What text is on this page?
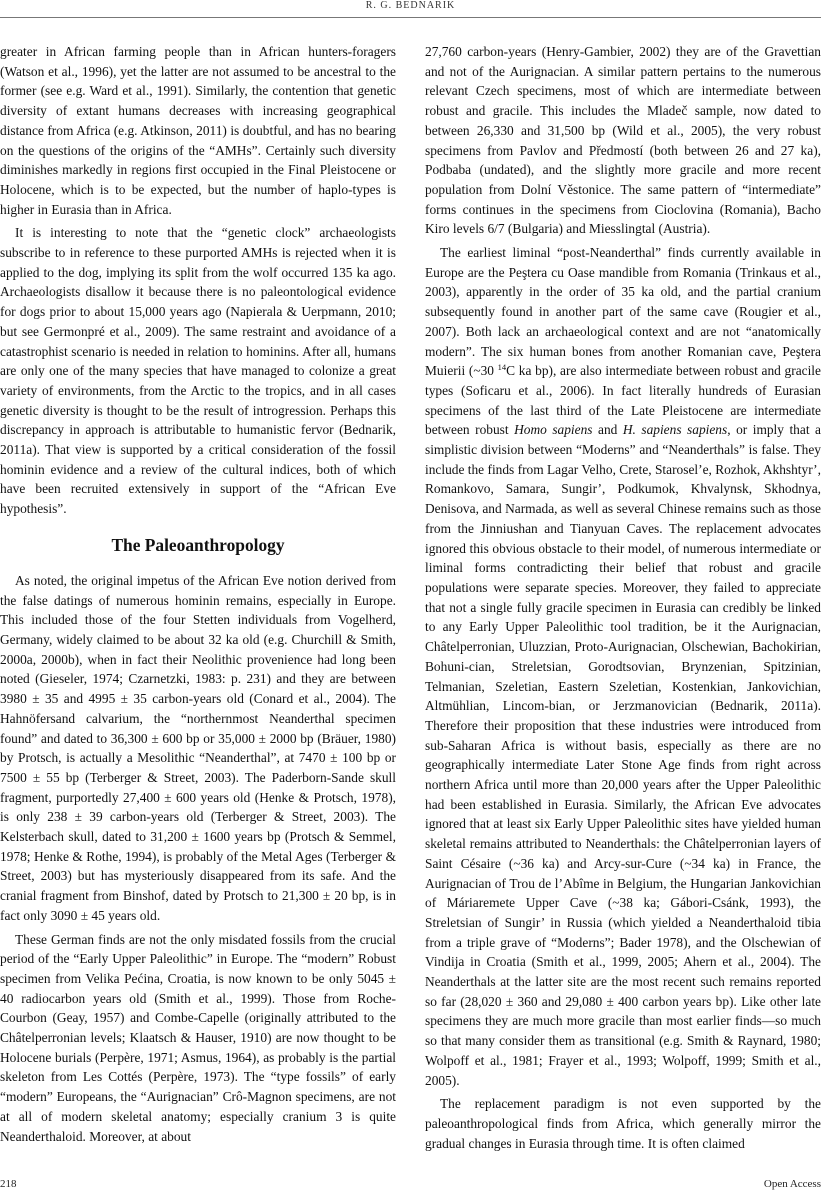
R. G. BEDNARIK

greater in African farming people than in African hunters-foragers (Watson et al., 1996), yet the latter are not assumed to be ancestral to the former (see e.g. Ward et al., 1991). Similarly, the contention that genetic diversity of extant humans decreases with increasing geographical distance from Africa (e.g. Atkinson, 2011) is doubtful, and has no bearing on the questions of the origins of the “AMHs”. Certainly such diversity diminishes markedly in regions first occupied in the Final Pleistocene or Holocene, which is to be expected, but the number of haplo-types is higher in Eurasia than in Africa.

It is interesting to note that the “genetic clock” archaeologists subscribe to in reference to these purported AMHs is rejected when it is applied to the dog, implying its split from the wolf occurred 135 ka ago. Archaeologists disallow it because there is no paleontological evidence for dogs prior to about 15,000 years ago (Napierala & Uerpmann, 2010; but see Germonpré et al., 2009). The same restraint and avoidance of a catastrophist scenario is needed in relation to hominins. After all, humans are only one of the many species that have managed to colonize a great variety of environments, from the Arctic to the tropics, and in all cases genetic diversity is thought to be the result of introgression. Perhaps this discrepancy in approach is attributable to humanistic fervor (Bednarik, 2011a). That view is supported by a critical consideration of the fossil hominin evidence and a review of the cultural indices, both of which have been recruited extensively in support of the “African Eve hypothesis”.

The Paleoanthropology

As noted, the original impetus of the African Eve notion derived from the false datings of numerous hominin remains, especially in Europe. This included those of the four Stetten individuals from Vogelherd, Germany, widely claimed to be about 32 ka old (e.g. Churchill & Smith, 2000a, 2000b), when in fact their Neolithic provenience had long been noted (Gieseler, 1974; Czarnetzki, 1983: p. 231) and they are between 3980 ± 35 and 4995 ± 35 carbon-years old (Conard et al., 2004). The Hahnöfersand calvarium, the “northernmost Neanderthal specimen found” and dated to 36,300 ± 600 bp or 35,000 ± 2000 bp (Bräuer, 1980) by Protsch, is actually a Mesolithic “Neanderthal”, at 7470 ± 100 bp or 7500 ± 55 bp (Terberger & Street, 2003). The Paderborn-Sande skull fragment, purportedly 27,400 ± 600 years old (Henke & Protsch, 1978), is only 238 ± 39 carbon-years old (Terberger & Street, 2003). The Kelsterbach skull, dated to 31,200 ± 1600 years bp (Protsch & Semmel, 1978; Henke & Rothe, 1994), is probably of the Metal Ages (Terberger & Street, 2003) but has mysteriously disappeared from its safe. And the cranial fragment from Binshof, dated by Protsch to 21,300 ± 20 bp, is in fact only 3090 ± 45 years old.

These German finds are not the only misdated fossils from the crucial period of the “Early Upper Paleolithic” in Europe. The “modern” Robust specimen from Velika Pećina, Croatia, is now known to be only 5045 ± 40 radiocarbon years old (Smith et al., 1999). Those from Roche-Courbon (Geay, 1957) and Combe-Capelle (originally attributed to the Châtelperronian levels; Klaatsch & Hauser, 1910) are now thought to be Holocene burials (Perpère, 1971; Asmus, 1964), as probably is the partial skeleton from Les Cottés (Perpère, 1973). The “type fossils” of early “modern” Europeans, the “Aurignacian” Crô-Magnon specimens, are not at all of modern skeletal anatomy; especially cranium 3 is quite Neanderthaloid. Moreover, at about

27,760 carbon-years (Henry-Gambier, 2002) they are of the Gravettian and not of the Aurignacian. A similar pattern pertains to the numerous relevant Czech specimens, most of which are intermediate between robust and gracile. This includes the Mladeč sample, now dated to between 26,330 and 31,500 bp (Wild et al., 2005), the very robust specimens from Pavlov and Předmostí (both between 26 and 27 ka), Podbaba (undated), and the slightly more gracile and more recent population from Dolní Věstonice. The same pattern of “intermediate” forms continues in the specimens from Cioclovina (Romania), Bacho Kiro levels 6/7 (Bulgaria) and Miesslingtal (Austria).

The earliest liminal “post-Neanderthal” finds currently available in Europe are the Peştera cu Oase mandible from Romania (Trinkaus et al., 2003), apparently in the order of 35 ka old, and the partial cranium subsequently found in another part of the same cave (Rougier et al., 2007). Both lack an archaeological context and are not “anatomically modern”. The six human bones from another Romanian cave, Peştera Muierii (~30 $^{14}$C ka bp), are also intermediate between robust and gracile types (Soficaru et al., 2006). In fact literally hundreds of Eurasian specimens of the last third of the Late Pleistocene are intermediate between robust Homo sapiens and H. sapiens sapiens, or imply that a simplistic division between “Moderns” and “Neanderthals” is false. They include the finds from Lagar Velho, Crete, Starosel’e, Rozhok, Akhshtyr’, Romankovo, Samara, Sungir’, Podkumok, Khvalynsk, Skhodnya, Denisova, and Narmada, as well as several Chinese remains such as those from the Jinniushan and Tianyuan Caves. The replacement advocates ignored this obvious obstacle to their model, of numerous intermediate or liminal forms contradicting their belief that robust and gracile populations were separate species. Moreover, they failed to appreciate that not a single fully gracile specimen in Eurasia can credibly be linked to any Early Upper Paleolithic tool tradition, be it the Aurignacian, Châtelperronian, Uluzzian, Proto-Aurignacian, Olschewian, Bachokirian, Bohuni-cian, Streletsian, Gorodtsovian, Brynzenian, Spitzinian, Telmanian, Szeletian, Eastern Szeletian, Kostenkian, Jankovichian, Altmühlian, Lincom-bian, or Jerzmanovician (Bednarik, 2011a). Therefore their proposition that these industries were introduced from sub-Saharan Africa is without basis, especially as there are no geographically intermediate Later Stone Age finds from right across northern Africa until more than 20,000 years after the Upper Paleolithic had been established in Eurasia. Similarly, the African Eve advocates ignored that at least six Early Upper Paleolithic sites have yielded human skeletal remains attributed to Neanderthals: the Châtelperronian layers of Saint Césaire (~36 ka) and Arcy-sur-Cure (~34 ka) in France, the Aurignacian of Trou de l’Abîme in Belgium, the Hungarian Jankovichian of Máriaremete Upper Cave (~38 ka; Gábori-Csánk, 1993), the Streletsian of Sungir’ in Russia (which yielded a Neanderthaloid tibia from a triple grave of “Moderns”; Bader 1978), and the Olschewian of Vindija in Croatia (Smith et al., 1999, 2005; Ahern et al., 2004). The Neanderthals at the latter site are the most recent such remains reported so far (28,020 ± 360 and 29,080 ± 400 carbon years bp). Like other late specimens they are much more gracile than most earlier finds—so much so that many consider them as transitional (e.g. Smith & Raynard, 1980; Wolpoff et al., 1981; Frayer et al., 1993; Wolpoff, 1999; Smith et al., 2005).

The replacement paradigm is not even supported by the paleoanthropological finds from Africa, which generally mirror the gradual changes in Eurasia through time. It is often claimed

218	Open Access
